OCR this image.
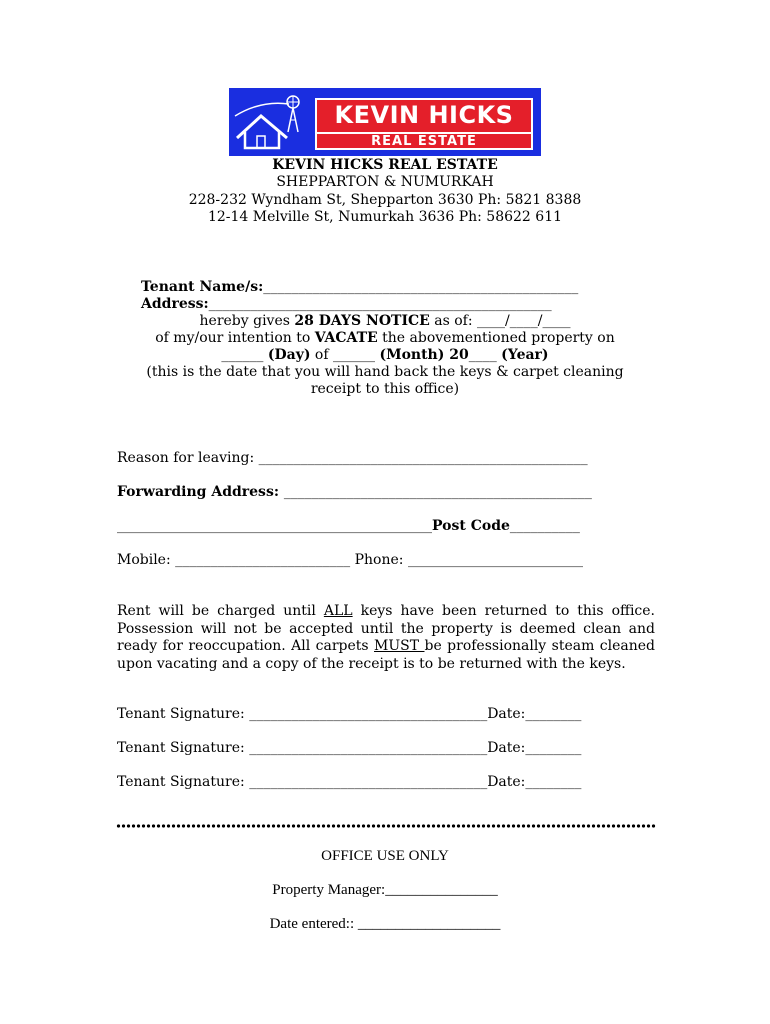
KEVIN HICKS
REAL ESTATE
KEVIN HICKS REAL ESTATE
SHEPPARTON & NUMURKAH
228-232 Wyndham St, Shepparton 3630 Ph: 5821 8388
12-14 Melville St, Numurkah 3636 Ph: 58622 611
Tenant Name/s:_____________________________________________
Address:_________________________________________________
hereby gives 28 DAYS NOTICE as of: ____/____/____
of my/our intention to VACATE the abovementioned property on
______ (Day) of ______ (Month) 20____ (Year)
(this is the date that you will hand back the keys & carpet cleaning
receipt to this office)
Reason for leaving: _______________________________________________
Forwarding Address: ____________________________________________
_____________________________________________Post Code__________
Mobile: _________________________ Phone: _________________________
Rent will be charged until ALL keys have been returned to this office. Possession will not be accepted until the property is deemed clean and ready for reoccupation. All carpets MUST be professionally steam cleaned upon vacating and a copy of the receipt is to be returned with the keys.
Tenant Signature: __________________________________Date:________
Tenant Signature: __________________________________Date:________
Tenant Signature: __________________________________Date:________
OFFICE USE ONLY
Property Manager:_______________
Date entered:: ___________________
